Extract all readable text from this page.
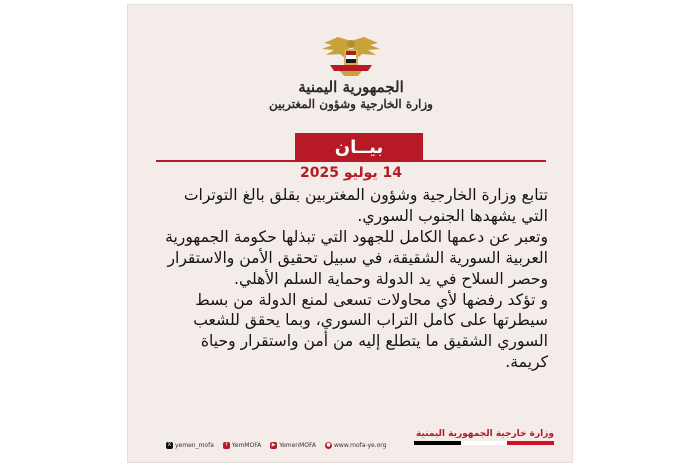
الجمهورية اليمنية
وزارة الخارجية وشؤون المغتربين
بيــان
14 يوليو 2025

تتابع وزارة الخارجية وشؤون المغتربين بقلق بالغ التوترات التي يشهدها الجنوب السوري.

وتعبر عن دعمها الكامل للجهود التي تبذلها حكومة الجمهورية العربية السورية الشقيقة، في سبيل تحقيق الأمن والاستقرار وحصر السلاح في يد الدولة وحماية السلم الأهلي.

و تؤكد رفضها لأي محاولات تسعى لمنع الدولة من بسط سيطرتها على كامل التراب السوري، وبما يحقق للشعب السوري الشقيق ما يتطلع إليه من أمن واستقرار وحياة كريمة.

وزارة خارجية الجمهورية اليمنية
X yemen_mofa	f YemMOFA	▶ YemenMOFA ● www.mofa-ye.org
